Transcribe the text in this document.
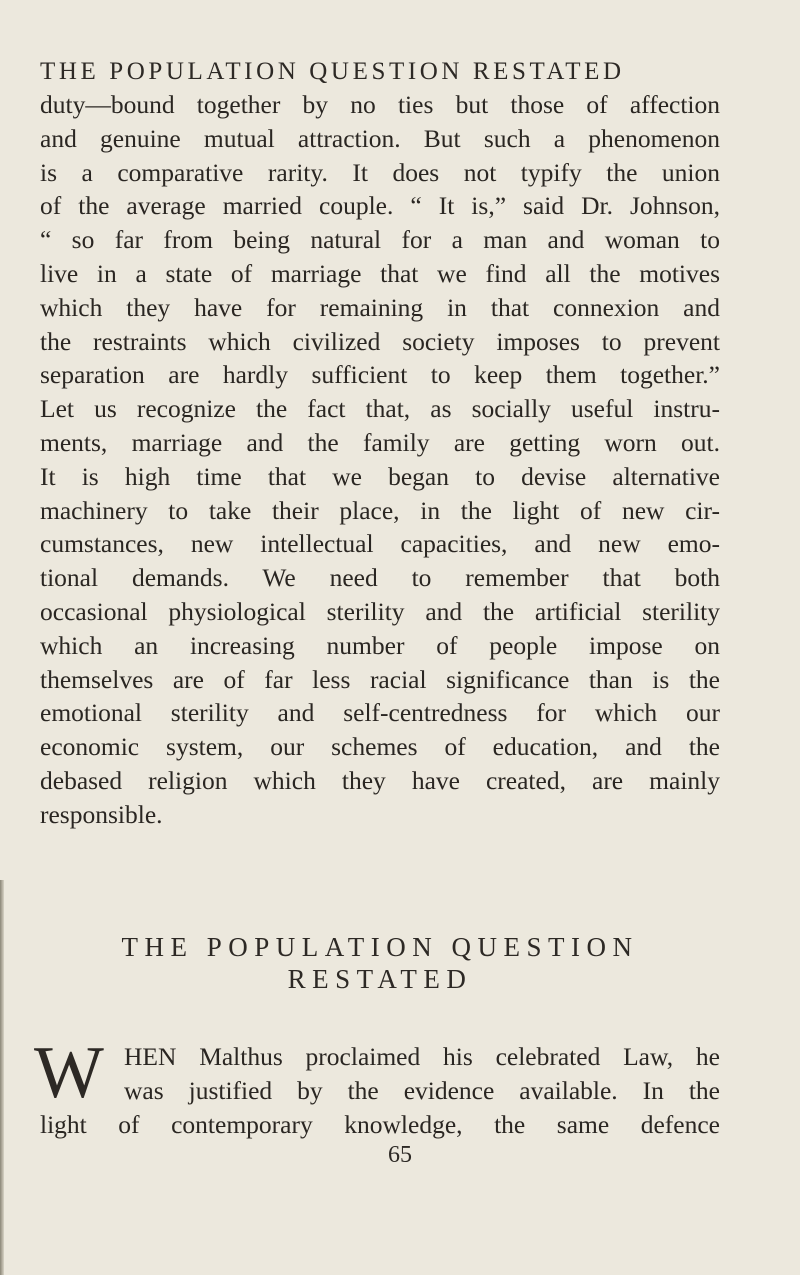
THE POPULATION QUESTION RESTATED
duty—bound together by no ties but those of affection
and genuine mutual attraction. But such a phenomenon
is a comparative rarity. It does not typify the union
of the average married couple. “ It is,” said Dr. Johnson,
“ so far from being natural for a man and woman to
live in a state of marriage that we find all the motives
which they have for remaining in that connexion and
the restraints which civilized society imposes to prevent
separation are hardly sufficient to keep them together.”
Let us recognize the fact that, as socially useful instru-
ments, marriage and the family are getting worn out.
It is high time that we began to devise alternative
machinery to take their place, in the light of new cir-
cumstances, new intellectual capacities, and new emo-
tional demands. We need to remember that both
occasional physiological sterility and the artificial sterility
which an increasing number of people impose on
themselves are of far less racial significance than is the
emotional sterility and self-centredness for which our
economic system, our schemes of education, and the
debased religion which they have created, are mainly
responsible.
THE POPULATION QUESTION
RESTATED
W HEN Malthus proclaimed his celebrated Law, he
was justified by the evidence available. In the
light of contemporary knowledge, the same defence
65
